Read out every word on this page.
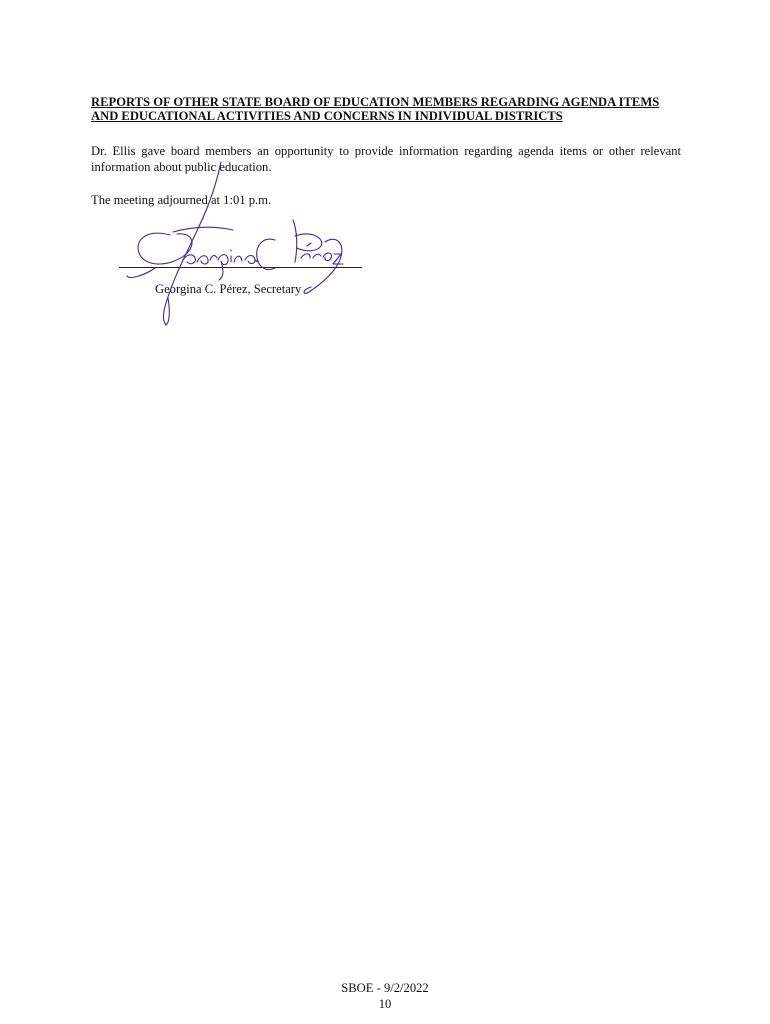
REPORTS OF OTHER STATE BOARD OF EDUCATION MEMBERS REGARDING AGENDA ITEMS AND EDUCATIONAL ACTIVITIES AND CONCERNS IN INDIVIDUAL DISTRICTS

Dr. Ellis gave board members an opportunity to provide information regarding agenda items or other relevant information about public education.

The meeting adjourned at 1:01 p.m.

Georgina C. Pérez, Secretary

SBOE - 9/2/2022
10
